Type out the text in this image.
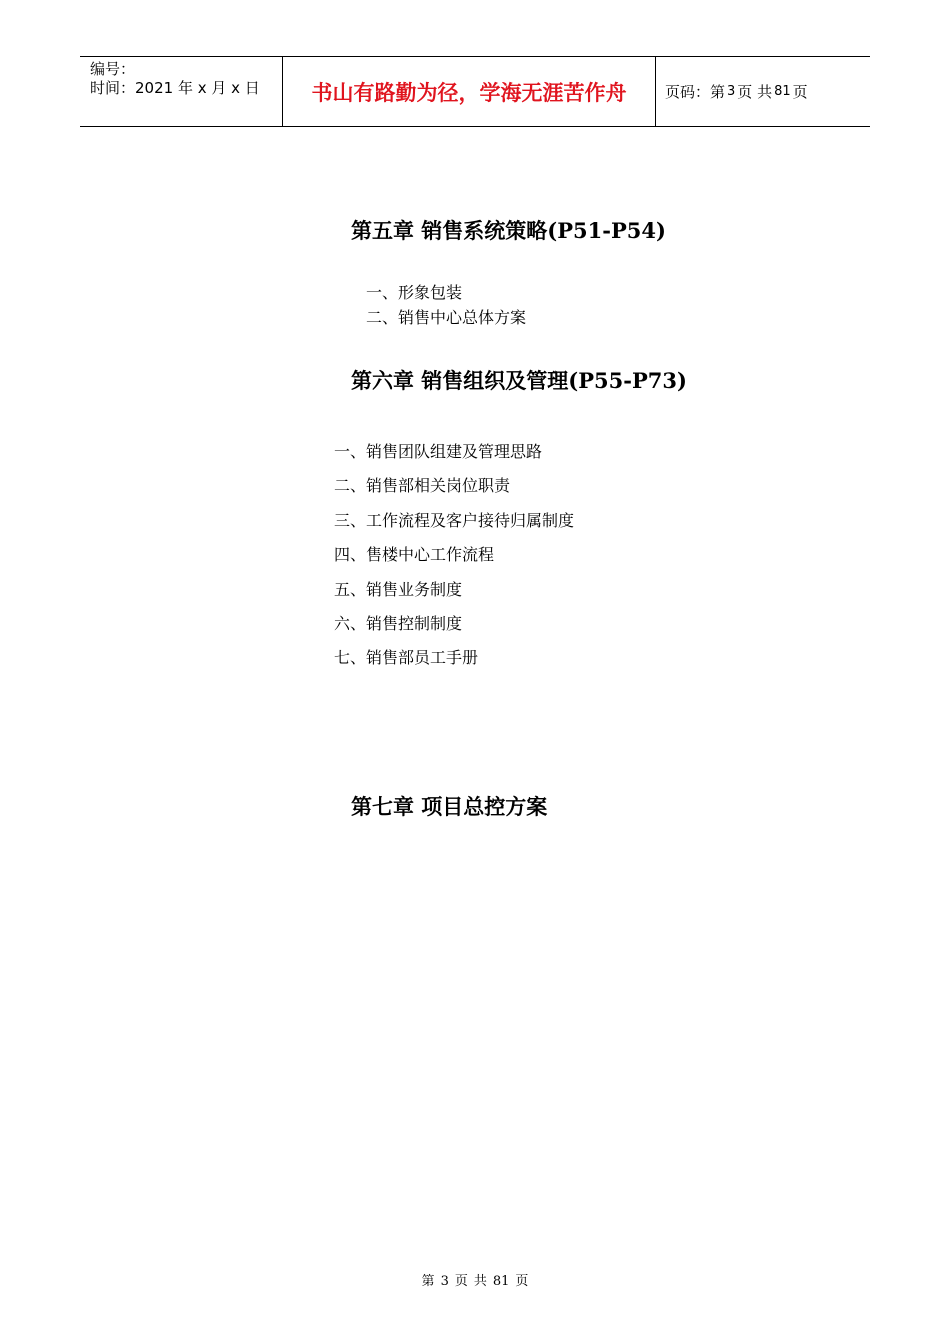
编号：
时间：2021 年 x 月 x 日	书山有路勤为径，学海无涯苦作舟	页码：第 3 页 共 81 页
第五章 销售系统策略(P51-P54)
一、形象包装
二、销售中心总体方案
第六章 销售组织及管理(P55-P73)
一、销售团队组建及管理思路
二、销售部相关岗位职责
三、工作流程及客户接待归属制度
四、售楼中心工作流程
五、销售业务制度
六、销售控制制度
七、销售部员工手册
第七章 项目总控方案
第 3 页 共 81 页
